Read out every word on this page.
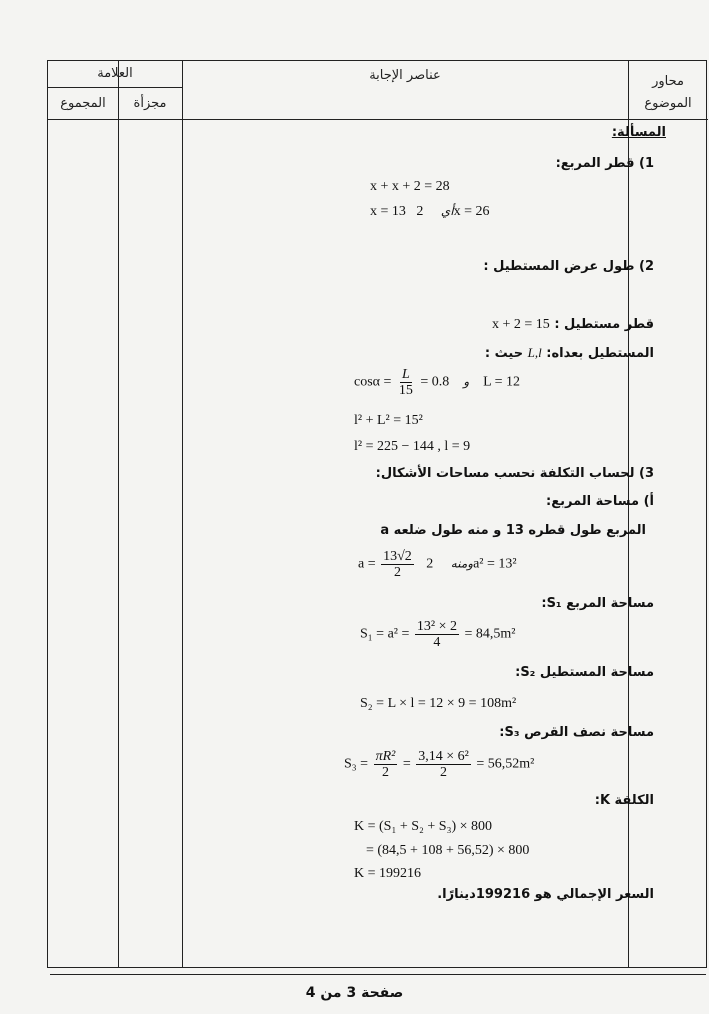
العلامة
المجموع	مجزأة
عناصر الإجابة	محاور الموضوع
المسألة:
1) قطر المربع:
x + x + 2 = 28
x = 13	أي     2x = 26
2) طول عرض المستطيل :
قطر مستطيل : x + 2 = 15
المستطيل بعداه: L,l حيث :
$\cos\alpha = \frac{L}{15} = 0.8$ و L = 12
l² + L² = 15²
l² = 225 − 144 , l = 9
3) لحساب التكلفة نحسب مساحات الأشكال:
أ) مساحة المربع:
المربع طول قطره 13 و منه طول ضلعه a
$a = \frac{13√2}{2}$	ومنه     2a² = 13²
مساحة المربع S₁:
$S_1 = a^2 = \frac{\text{13² × 2}}{4} = 84,5m^2$
مساحة المستطيل S₂:
S₂ = L × l = 12 × 9 = 108m²
مساحة نصف القرص S₃:
$S_3 = \frac{\text{πR²}}{2} = \frac{\text{3,14 × 6²}}{2} = 56,52m^2$
الكلفة K:
K = (S₁ + S₂ + S₃) × 800
= (84,5 + 108 + 56,52) × 800
K = 199216
السعر الإجمالي هو 199216دينارًا.
صفحة 3 من 4
